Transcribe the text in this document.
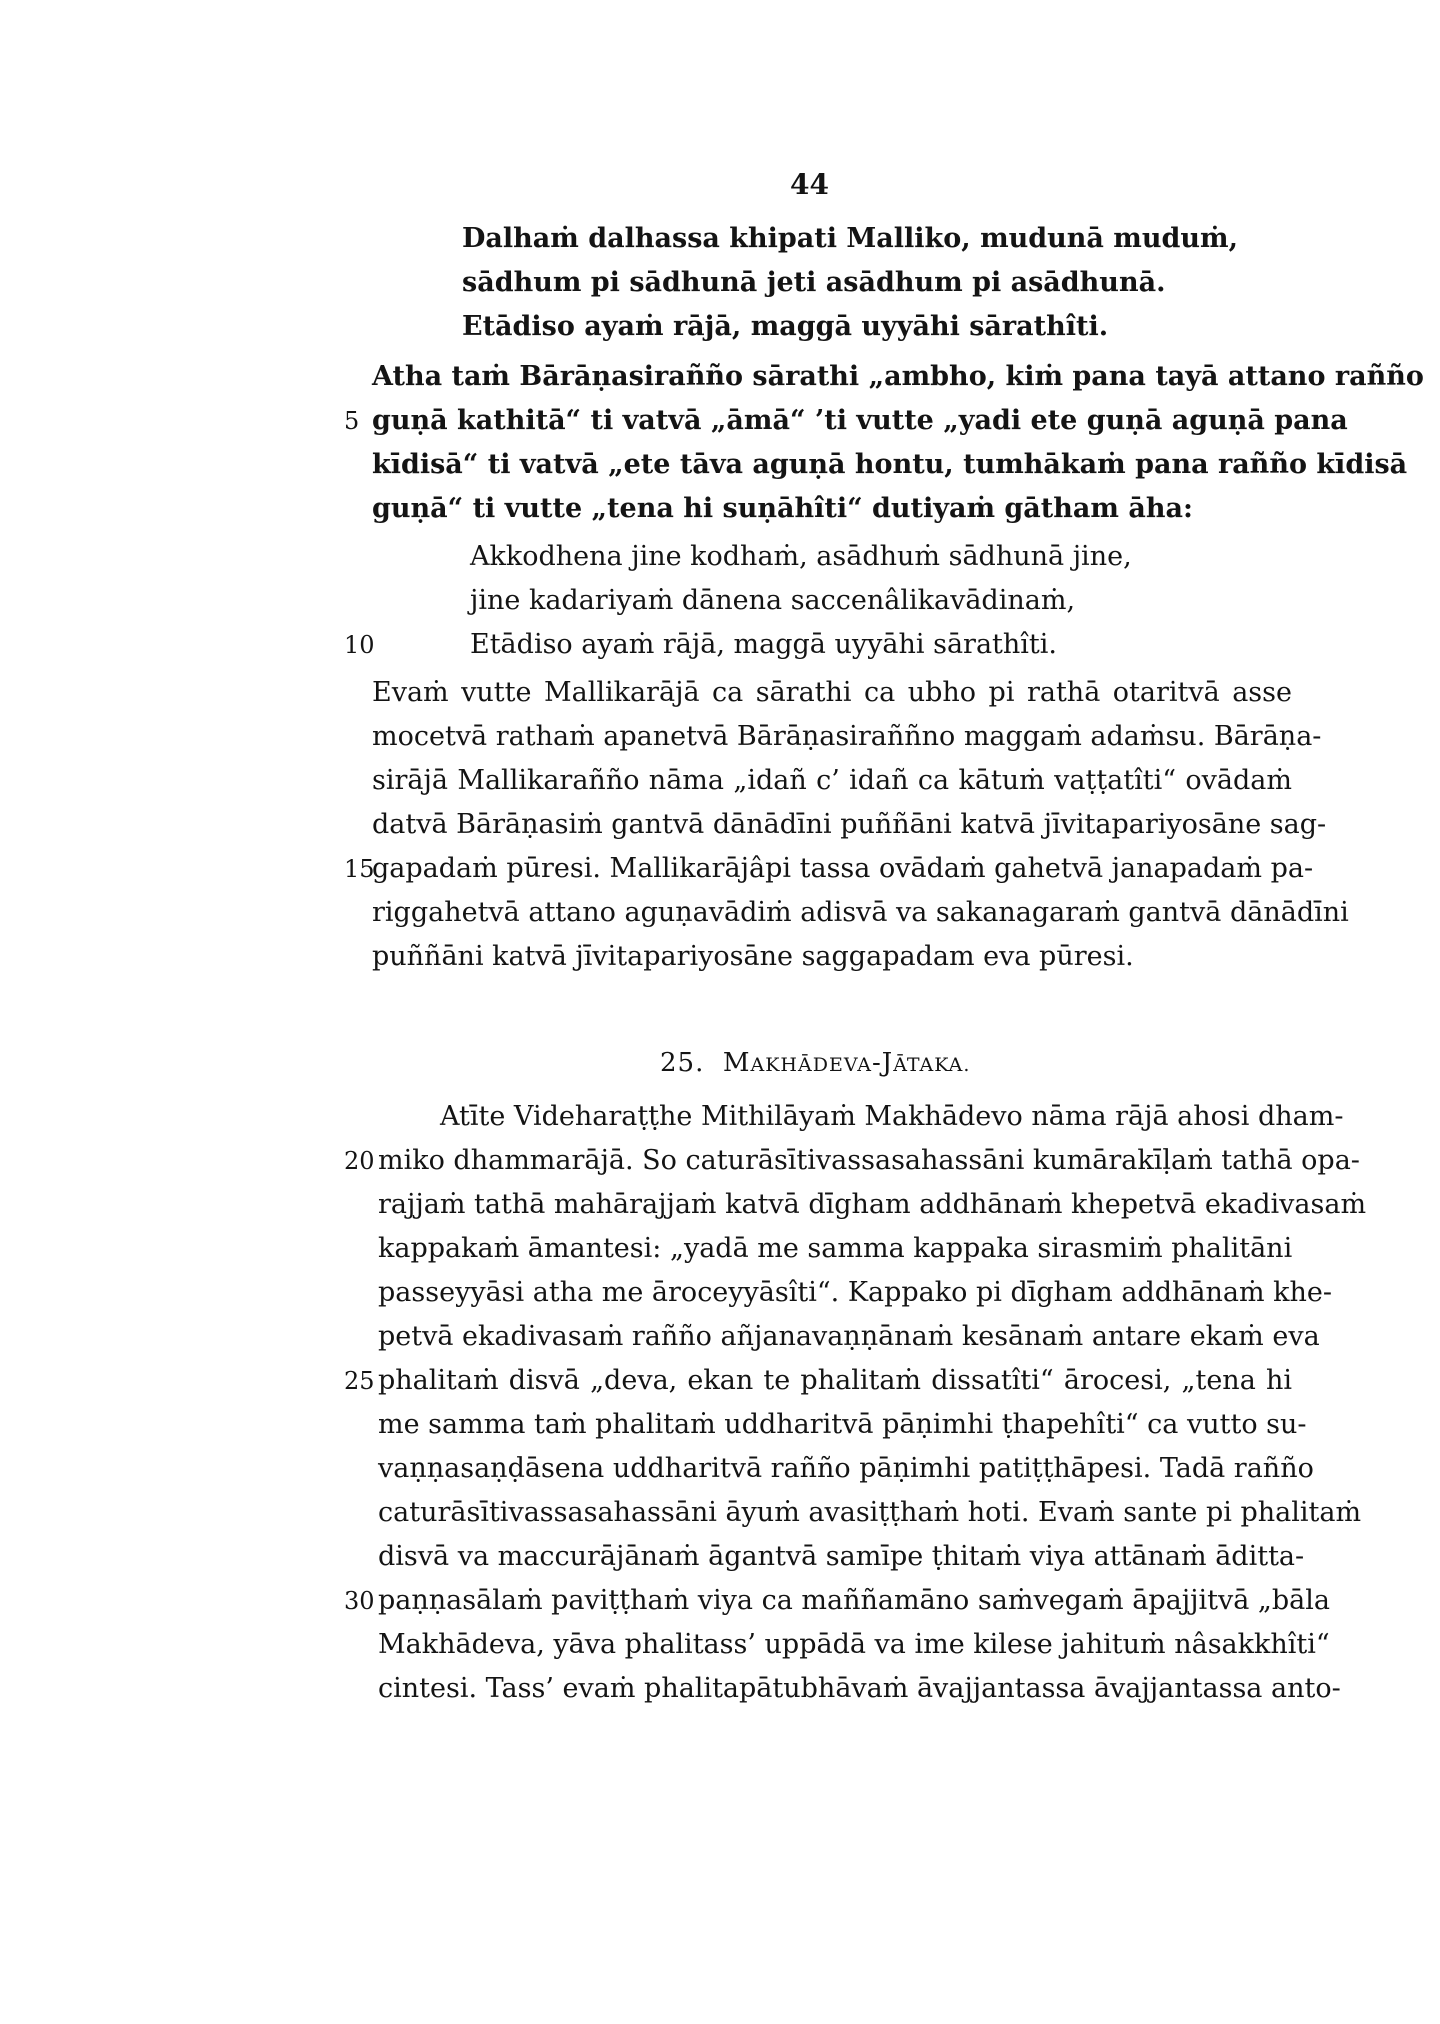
44
Dalhaṁ dalhassa khipati Malliko, mudunā muduṁ,
sādhum pi sādhunā jeti asādhum pi asādhunā.
Etādiso ayaṁ rājā, maggā uyyāhi sārathîti.
Atha taṁ Bārāṇasirañño sārathi „ambho, kiṁ pana tayā attano rañño
5 guṇā kathitā“ ti vatvā „āmā“ ’ti vutte „yadi ete guṇā aguṇā pana
kīdisā“ ti vatvā „ete tāva aguṇā hontu, tumhākaṁ pana rañño kīdisā
guṇā“ ti vutte „tena hi suṇāhîti“ dutiyaṁ gātham āha:
Akkodhena jine kodhaṁ, asādhuṁ sādhunā jine,
jine kadariyaṁ dānena saccenâlikavādinaṁ,
10	Etādiso ayaṁ rājā, maggā uyyāhi sārathîti.
Evaṁ vutte Mallikarājā ca sārathi ca ubho pi rathā otaritvā asse
mocetvā rathaṁ apanetvā Bārāṇasiraññno maggaṁ adaṁsu. Bārāṇa-
sirājā Mallikarañño nāma „idañ c’ idañ ca kātuṁ vaṭṭatîti“ ovādaṁ
datvā Bārāṇasiṁ gantvā dānādīni puññāni katvā jīvitapariyosāne sag-
15
gapadaṁ pūresi. Mallikarājâpi tassa ovādaṁ gahetvā janapadaṁ pa-
riggahetvā attano aguṇavādiṁ adisvā va sakanagaraṁ gantvā dānādīni
puññāni katvā jīvitapariyosāne saggapadam eva pūresi.
25. MAKHĀDEVA-JĀTAKA.
Atīte Videharaṭṭhe Mithilāyaṁ Makhādevo nāma rājā ahosi dham-
20 miko dhammarājā. So caturāsītivassasahassāni kumārakīḷaṁ tathā opa-
rajjaṁ tathā mahārajjaṁ katvā dīgham addhānaṁ khepetvā ekadivasaṁ
kappakaṁ āmantesi: „yadā me samma kappaka sirasmiṁ phalitāni
passeyyāsi atha me āroceyyāsîti“. Kappako pi dīgham addhānaṁ khe-
petvā ekadivasaṁ rañño añjanavaṇṇānaṁ kesānaṁ antare ekaṁ eva
25 phalitaṁ disvā „deva, ekan te phalitaṁ dissatîti“ ārocesi, „tena hi
me samma taṁ phalitaṁ uddharitvā pāṇimhi ṭhapehîti“ ca vutto su-
vaṇṇasaṇḍāsena uddharitvā rañño pāṇimhi patiṭṭhāpesi. Tadā rañño
caturāsītivassasahassāni āyuṁ avasiṭṭhaṁ hoti. Evaṁ sante pi phalitaṁ
disvā va maccurājānaṁ āgantvā samīpe ṭhitaṁ viya attānaṁ āditta-
30 paṇṇasālaṁ paviṭṭhaṁ viya ca maññamāno saṁvegaṁ āpajjitvā „bāla
Makhādeva, yāva phalitass’ uppādā va ime kilese jahituṁ nâsakkhîti“
cintesi. Tass’ evaṁ phalitapātubhāvaṁ āvajjantassa āvajjantassa anto-
